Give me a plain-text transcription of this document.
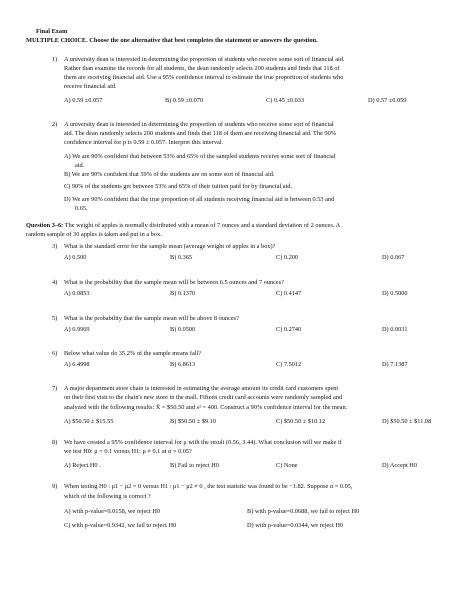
Final Exam
MULTIPLE CHOICE. Choose the one alternative that best completes the statement or answers the question.
1) A university dean is interested in determining the proportion of students who receive some sort of financial aid.
Rather than examine the records for all students, the dean randomly selects 200 students and finds that 118 of
them are receiving financial aid. Use a 95% confidence interval to estimate the true proportion of students who
receive financial aid.
A) 0.59 ±0.057	B) 0.59 ±0.070	C) 0.45 ±0.033	D) 0.57 ±0.059
2) A university dean is interested in determining the proportion of students who receive some sort of financial
aid. The dean randomly selects 200 students and finds that 118 of them are receiving financial aid. The 90%
confidence interval for p is 0.59 ± 0.057. Interpret this interval.
A) We are 90% confident that between 53% and 65% of the sampled students receive some sort of financial
aid.
B) We are 90% confident that 59% of the students are on some sort of financial aid.
C) 90% of the students get between 53% and 65% of their tuition paid for by financial aid.
D) We are 90% confident that the true proportion of all students receiving financial aid is between 0.53 and
0.65.
Question 3–6: The weight of apples is normally distributed with a mean of 7 ounces and a standard deviation of 2 ounces. A
random sample of 30 apples is taken and put in a box.
3) What is the standard error for the sample mean (average weight of apples in a box)?
A) 0.500	B) 0.365	C) 0.200	D) 0.067
4) What is the probability that the sample mean will be between 6.5 ounces and 7 ounces?
A) 0.0853	B) 0.1370	C) 0.4147	D) 0.5000
5) What is the probability that the sample mean will be above 8 ounces?
A) 0.9969	B) 0.0500	C) 0.2740	D) 0.0031
6) Below what value do 35.2% of the sample means fall?
A) 6.4998	B) 6.8613	C) 7.5012	D) 7.1387
7) A major department store chain is interested in estimating the average amount its credit card customers spent
on their first visit to the chain's new store in the mall. Fifteen credit card accounts were randomly sampled and
analyzed with the following results: X̄ = $50.50 and s² = 400. Construct a 90% confidence interval for the mean.
A) $50.50 ± $15.55	B) $50.50 ± $9.10	C) $50.50 ± $10.12	D) $50.50 ± $11.08
8) We have created a 95% confidence interval for μ with the result (0.56, 3.44). What conclusion will we make if
we test H0: μ = 0.1 versus H1: μ ≠ 0.1 at α = 0.05?
A) Reject H0 .	B) Fail to reject H0	C) None	D) Accept H0
9) When testing H0 : μ1 − μ2 = 0 versus H1 : μ1 − μ2 ≠ 0 , the test statistic was found to be −1.82. Suppose α = 0.05,
which of the following is correct ?
A) with p-value=0.0158, we reject H0	B) with p-value=0.0688, we fail to reject H0
C) with p-value=0.9342, we fail to reject H0	D) with p-value=0.0344, we reject H0
